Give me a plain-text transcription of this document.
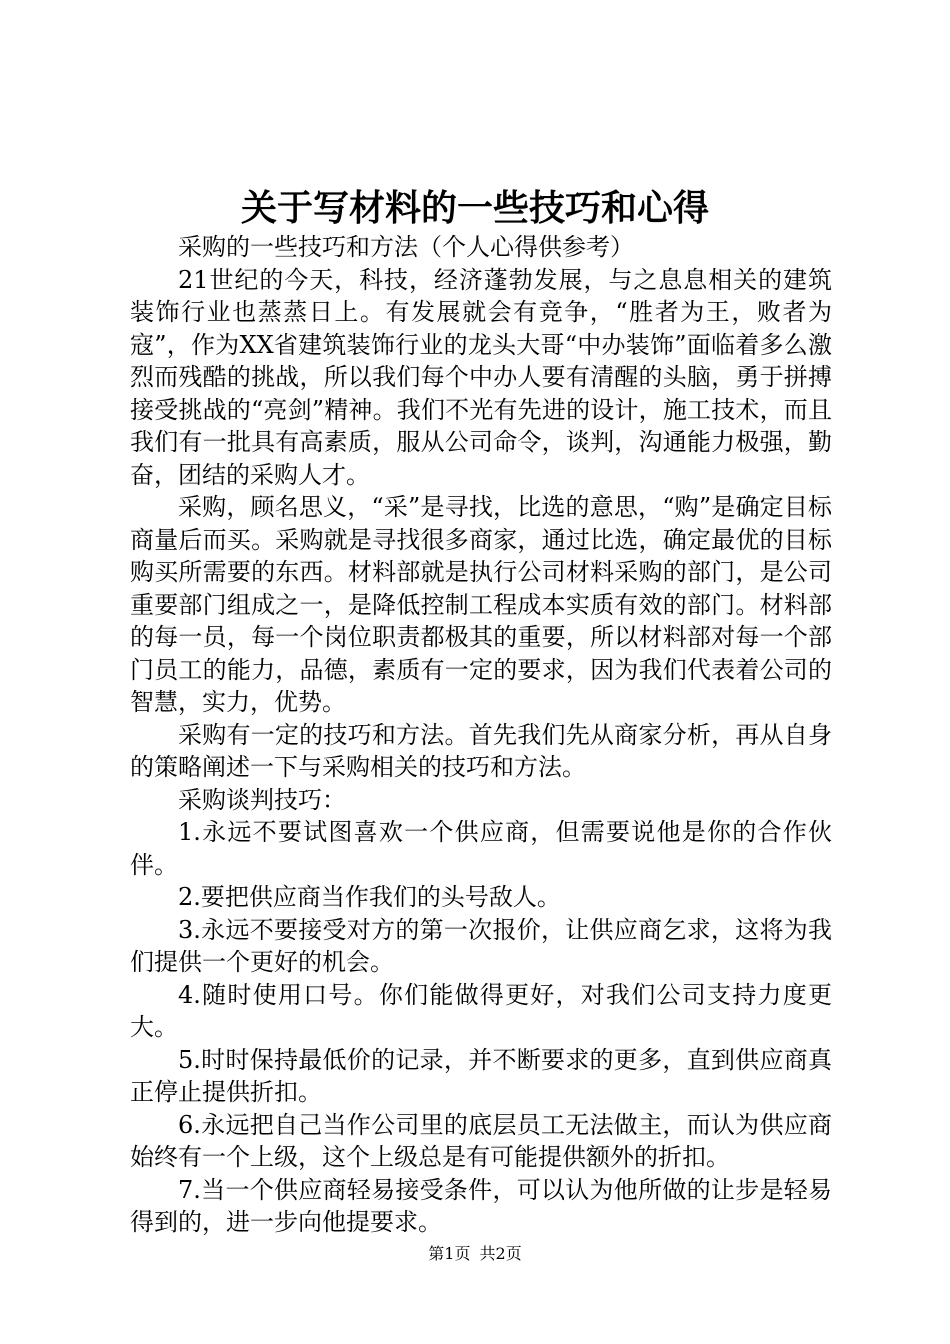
关于写材料的一些技巧和心得

采购的一些技巧和方法（个人心得供参考）

21世纪的今天，科技，经济蓬勃发展，与之息息相关的建筑装饰行业也蒸蒸日上。有发展就会有竞争，“胜者为王，败者为寇”，作为XX省建筑装饰行业的龙头大哥“中办装饰”面临着多么激烈而残酷的挑战，所以我们每个中办人要有清醒的头脑，勇于拼搏接受挑战的“亮剑”精神。我们不光有先进的设计，施工技术，而且我们有一批具有高素质，服从公司命令，谈判，沟通能力极强，勤奋，团结的采购人才。

采购，顾名思义，“采”是寻找，比选的意思，“购”是确定目标商量后而买。采购就是寻找很多商家，通过比选，确定最优的目标购买所需要的东西。材料部就是执行公司材料采购的部门，是公司重要部门组成之一，是降低控制工程成本实质有效的部门。材料部的每一员，每一个岗位职责都极其的重要，所以材料部对每一个部门员工的能力，品德，素质有一定的要求，因为我们代表着公司的智慧，实力，优势。

采购有一定的技巧和方法。首先我们先从商家分析，再从自身的策略阐述一下与采购相关的技巧和方法。

采购谈判技巧：

1.永远不要试图喜欢一个供应商，但需要说他是你的合作伙伴。

2.要把供应商当作我们的头号敌人。

3.永远不要接受对方的第一次报价，让供应商乞求，这将为我们提供一个更好的机会。

4.随时使用口号。你们能做得更好，对我们公司支持力度更大。

5.时时保持最低价的记录，并不断要求的更多，直到供应商真正停止提供折扣。

6.永远把自己当作公司里的底层员工无法做主，而认为供应商始终有一个上级，这个上级总是有可能提供额外的折扣。

7.当一个供应商轻易接受条件，可以认为他所做的让步是轻易得到的，进一步向他提要求。

第1页 共2页
